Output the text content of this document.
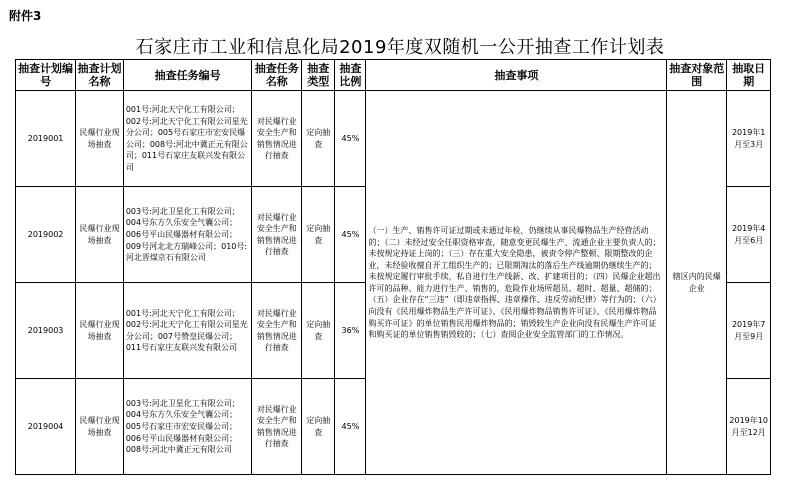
附件3
石家庄市工业和信息化局2019年度双随机一公开抽查工作计划表
抽查计划编号	抽查计划名称	抽查任务编号	抽查任务名称	抽查类型	抽查比例	抽查事项	抽查对象范围	抽取日期
2019001	民爆行业现场抽查	001号:河北天宁化工有限公司；002号:河北天宁化工有限公司星光分公司；005号石家庄市宏安民爆公司；008号:河北中冀正元有限公司；011号石家庄友联兴发有限公司	对民爆行业安全生产和销售情况进行抽查	定向抽查	45%	（一）生产、销售许可证过期或未通过年检，仍继续从事民爆物品生产经营活动的；（二）未经过安全任职资格审查，随意变更民爆生产、流通企业主要负责人的；未按规定持证上岗的；（三）存在重大安全隐患，被责令停产整顿、限期整改的企业，未经验收擅自开工组织生产的；已限期淘汰的落后生产线逾期仍继续生产的；未按规定履行审批手续，私自进行生产线新、改、扩建项目的；（四）民爆企业超出许可的品种、能力进行生产、销售的，危险作业场所超员、超时、超量、超储的；（五）企业存在“三违”（即违章指挥、违章操作、违反劳动纪律）等行为的；（六）向没有《民用爆炸物品生产许可证》、《民用爆炸物品销售许可证》、《民用爆炸物品购买许可证》的单位销售民用爆炸物品的；销毁较生产企业向没有民爆生产许可证和购买证的单位销售销毁较的；（七）查阅企业安全监管部门的工作情况。	辖区内的民爆企业	2019年1月至3月
2019002	民爆行业现场抽查	003号:河北卫星化工有限公司；004号东方久乐安全气囊公司；006号平山民爆器材有限公司；009号河北北方瑞峰公司；010号:河北晋煤京石有限公司	对民爆行业安全生产和销售情况进行抽查	定向抽查	45%			2019年4月至6月
2019003	民爆行业现场抽查	001号:河北天宁化工有限公司；002号:河北天宁化工有限公司星光分公司；007号赞皇民爆公司；011号石家庄友联兴发有限公司	对民爆行业安全生产和销售情况进行抽查	定向抽查	36%			2019年7月至9月
2019004	民爆行业现场抽查	003号:河北卫星化工有限公司；004号东方久乐安全气囊公司；005号石家庄市宏安民爆公司；006号平山民爆器材有限公司；008号:河北中冀正元有限公司	对民爆行业安全生产和销售情况进行抽查	定向抽查	45%			2019年10月至12月
